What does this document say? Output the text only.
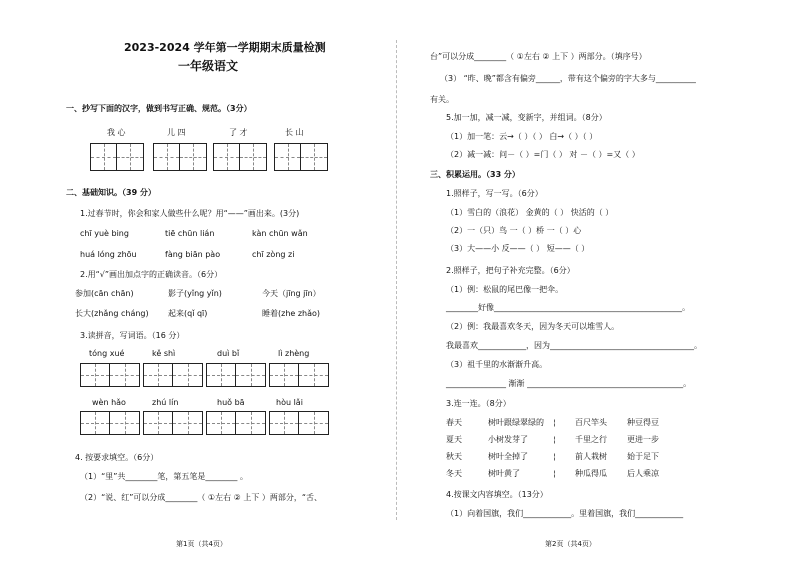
2023-2024 学年第一学期期末质量检测
一年级语文
一、抄写下面的汉字，做到书写正确、规范。（3分）
我 心	儿 四	了 才	长 山
二、基础知识。（39 分）
1.过春节时，你会和家人做些什么呢？用“——”画出来。(3分)
chī yuè bing	tiē chūn lián	kàn chūn wǎn
huá lóng zhōu	fàng biān pào	chī zòng zi
2.用“√”画出加点字的正确读音。（6分）
参加(cān chān)	影子(yǐng yǐn)	今天（jīng jīn）
长大(zhǎng cháng) 起来(qǐ qī)	睡着(zhe zhǎo)
3.读拼音，写词语。（16 分）
tóng xué	kě shì	duì bǐ	lì zhèng
wèn hǎo	zhú lín	huǒ bā	hòu lǎi
4. 按要求填空。（6分）
（1）“里”共________笔，第五笔是________ 。
（2）“说、红”可以分成________（ ①左右 ② 上下 ）两部分，“舌、
第1页（共4页）
台”可以分成________（ ①左右 ② 上下 ）两部分。（填序号）
（3） “昨、晚”都含有偏旁______，带有这个偏旁的字大多与__________
有关。
5.加一加，减一减，变新字，并组词。（8分）
（1）加一笔：云→（ ）（ ） 白→（ ）（ ）
（2）减一减：问－（ ）=门（ ） 对 －（ ）=又（ ）
三、积累运用。（33 分）
1.照样子，写一写。（6分）
（1）雪白的（浪花） 金黄的（ ） 快活的（ ）
（2）一（只）鸟 一（ ）桥 一（ ）心
（3）大——小 反——（ ） 短——（ ）
2.照样子，把句子补充完整。（6分）
（1）例：松鼠的尾巴像一把伞。
________好像_______________________________________________。
（2）例：我最喜欢冬天，因为冬天可以堆雪人。
我最喜欢____________，因为____________________________________。
（3）祖千里的水渐渐升高。
_______________ 渐渐 _______________________________________。
3.连一连。（8分）
春天	树叶跟绿翠绿的	百尺竿头	种豆得豆
¦
夏天	小树发芽了	千里之行	更进一步
¦
秋天	树叶全掉了	前人栽树	始于足下
¦
冬天	树叶黄了	种瓜得瓜	后人乘凉
¦
4.按课文内容填空。（13分）
（1）向着国旗，我们____________。里着国旗，我们____________
第2页（共4页）
